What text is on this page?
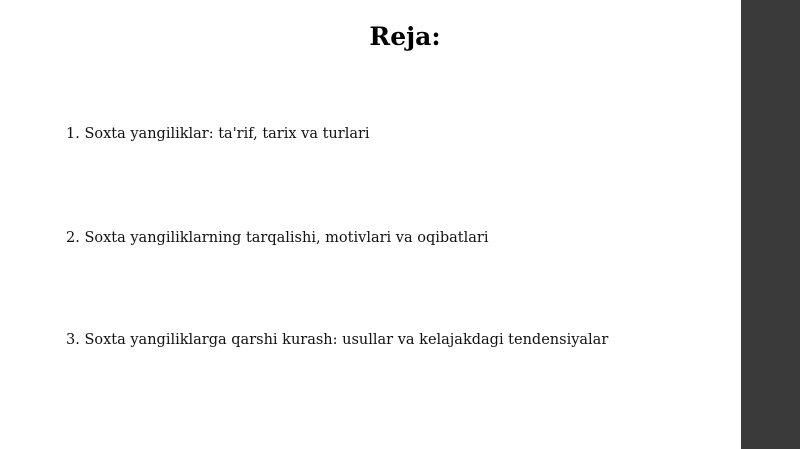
Reja:
1. Soxta yangiliklar: ta'rif, tarix va turlari
2. Soxta yangiliklarning tarqalishi, motivlari va oqibatlari
3. Soxta yangiliklarga qarshi kurash: usullar va kelajakdagi tendensiyalar
